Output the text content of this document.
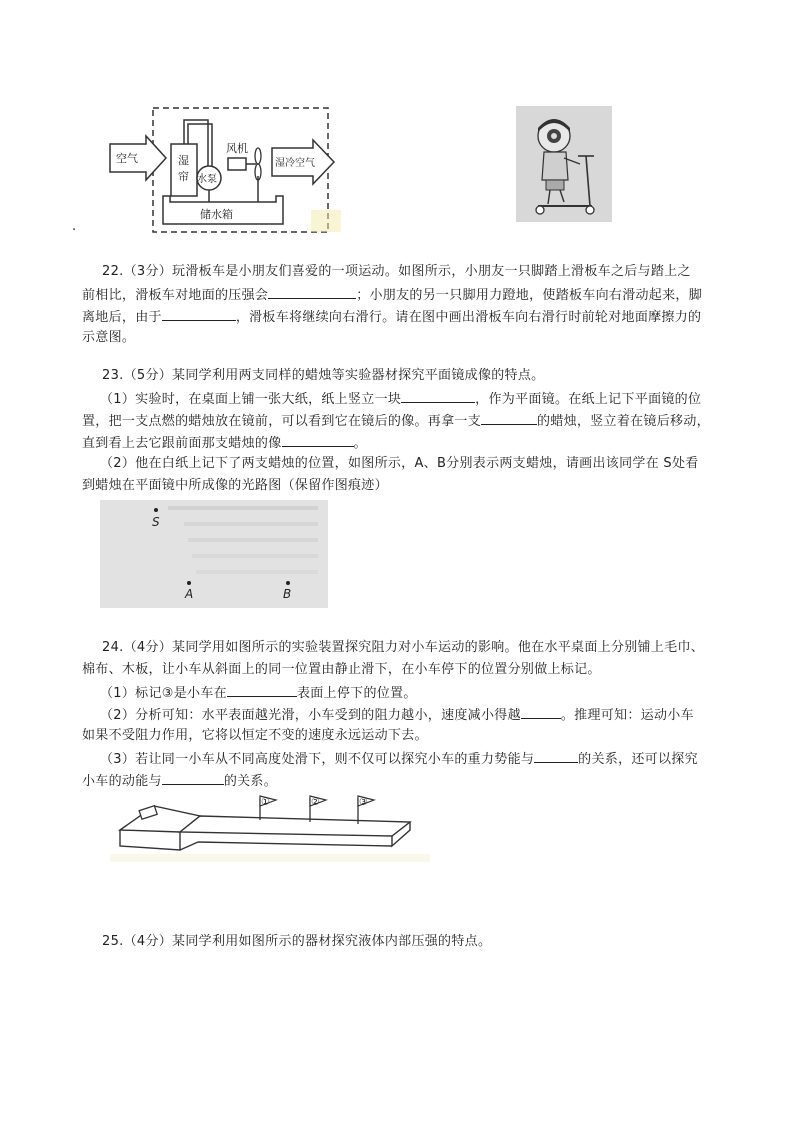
空气	湿
帘 水泵
风机
湿冷空气
储水箱
.
22.（3分）玩滑板车是小朋友们喜爱的一项运动。如图所示，小朋友一只脚踏上滑板车之后与踏上之
前相比，滑板车对地面的压强会	；小朋友的另一只脚用力蹬地，使踏板车向右滑动起来，脚
离地后，由于	，滑板车将继续向右滑行。请在图中画出滑板车向右滑行时前轮对地面摩擦力的
示意图。
23.（5分）某同学利用两支同样的蜡烛等实验器材探究平面镜成像的特点。
（1）实验时，在桌面上铺一张大纸，纸上竖立一块	，作为平面镜。在纸上记下平面镜的位
置，把一支点燃的蜡烛放在镜前，可以看到它在镜后的像。再拿一支	的蜡烛，竖立着在镜后移动，
直到看上去它跟前面那支蜡烛的像	。
（2）他在白纸上记下了两支蜡烛的位置，如图所示，A、B分别表示两支蜡烛，请画出该同学在 S处看
到蜡烛在平面镜中所成像的光路图（保留作图痕迹）
S
A	B
24.（4分）某同学用如图所示的实验装置探究阻力对小车运动的影响。他在水平桌面上分别铺上毛巾、
棉布、木板，让小车从斜面上的同一位置由静止滑下，在小车停下的位置分别做上标记。
（1）标记③是小车在	表面上停下的位置。
（2）分析可知：水平表面越光滑，小车受到的阻力越小，速度减小得越	。推理可知：运动小车
如果不受阻力作用，它将以恒定不变的速度永远运动下去。
（3）若让同一小车从不同高度处滑下，则不仅可以探究小车的重力势能与	的关系，还可以探究
小车的动能与	的关系。
①	②	③
25.（4分）某同学利用如图所示的器材探究液体内部压强的特点。
